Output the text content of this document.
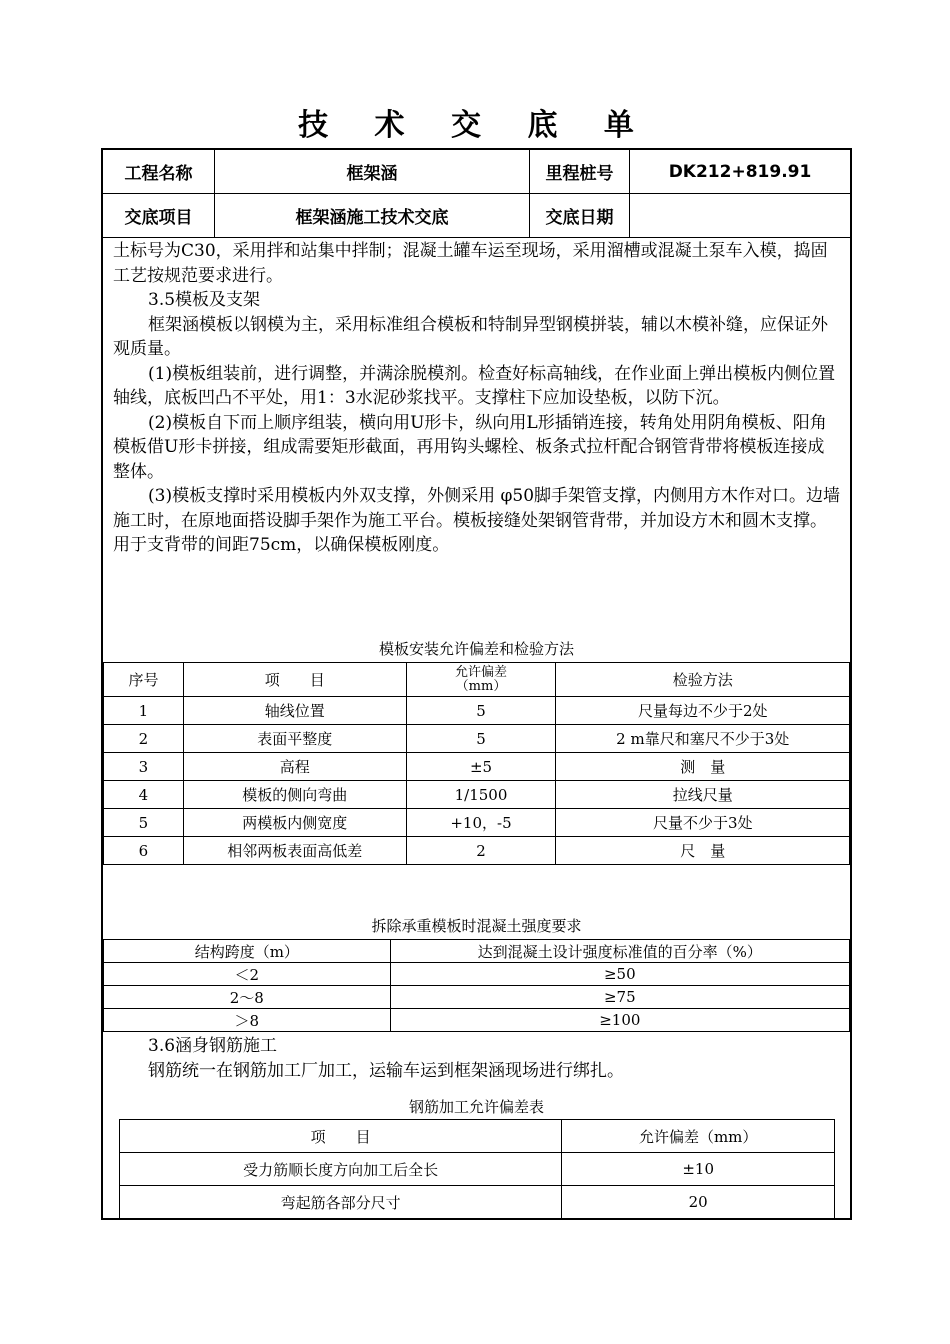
技 术 交 底 单
工程名称	框架涵	里程桩号	DK212+819.91
交底项目	框架涵施工技术交底	交底日期

土标号为C30，采用拌和站集中拌制；混凝土罐车运至现场，采用溜槽或混凝土泵车入模，捣固工艺按规范要求进行。

3.5模板及支架

框架涵模板以钢模为主，采用标准组合模板和特制异型钢模拼装，辅以木模补缝，应保证外观质量。

(1)模板组装前，进行调整，并满涂脱模剂。检查好标高轴线，在作业面上弹出模板内侧位置轴线，底板凹凸不平处，用1：3水泥砂浆找平。支撑柱下应加设垫板，以防下沉。

(2)模板自下而上顺序组装，横向用U形卡，纵向用L形插销连接，转角处用阴角模板、阳角模板借U形卡拼接，组成需要矩形截面，再用钩头螺栓、板条式拉杆配合钢管背带将模板连接成整体。

(3)模板支撑时采用模板内外双支撑，外侧采用 φ50脚手架管支撑，内侧用方木作对口。边墙施工时，在原地面搭设脚手架作为施工平台。模板接缝处架钢管背带，并加设方木和圆木支撑。用于支背带的间距75cm，以确保模板刚度。

模板安装允许偏差和检验方法
序号	项　　目	允许偏差
（mm）	检验方法
1	轴线位置	5	尺量每边不少于2处
2	表面平整度	5	2 m靠尺和塞尺不少于3处
3	高程	±5	测　量
4	模板的侧向弯曲	1/1500	拉线尺量
5	两模板内侧宽度	+10，-5	尺量不少于3处
6	相邻两板表面高低差	2	尺　量
拆除承重模板时混凝土强度要求
结构跨度（m）	达到混凝土设计强度标准值的百分率（%）
＜2	≥50
2～8	≥75
＞8	≥100

3.6涵身钢筋施工

钢筋统一在钢筋加工厂加工，运输车运到框架涵现场进行绑扎。

钢筋加工允许偏差表
项　　目	允许偏差（mm）
受力筋顺长度方向加工后全长	±10
弯起筋各部分尺寸	20
